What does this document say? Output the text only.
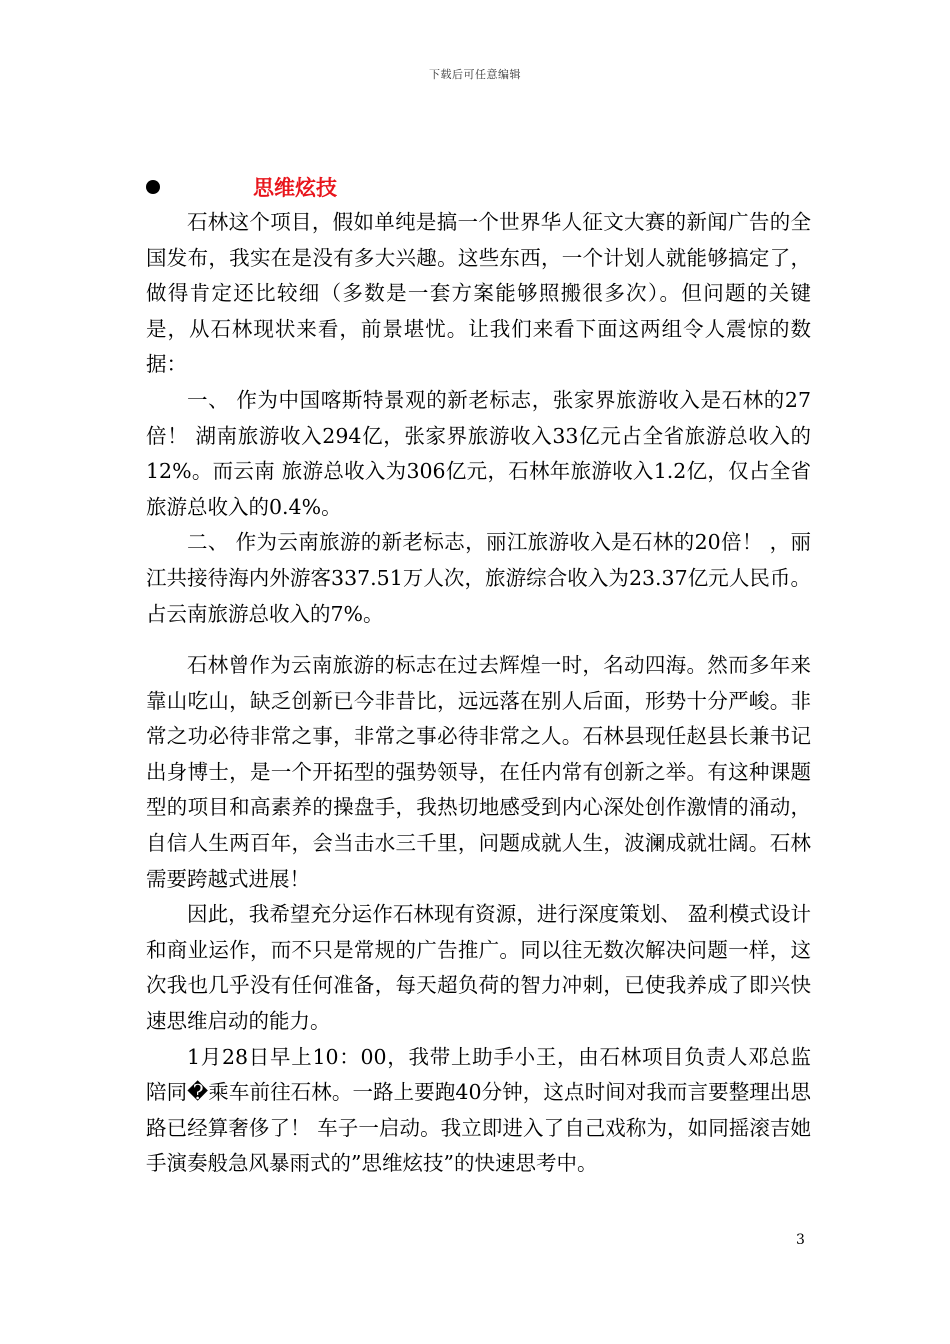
下载后可任意编辑
思维炫技

石林这个项目，假如单纯是搞一个世界华人征文大赛的新闻广告的全国发布，我实在是没有多大兴趣。这些东西，一个计划人就能够搞定了，做得肯定还比较细（多数是一套方案能够照搬很多次）。但问题的关键是，从石林现状来看，前景堪忧。让我们来看下面这两组令人震惊的数据：

一、 作为中国喀斯特景观的新老标志，张家界旅游收入是石林的27倍！ 湖南旅游收入294亿，张家界旅游收入33亿元占全省旅游总收入的12%。而云南 旅游总收入为306亿元，石林年旅游收入1.2亿，仅占全省旅游总收入的0.4%。

二、 作为云南旅游的新老标志，丽江旅游收入是石林的20倍！ ，丽江共接待海内外游客337.51万人次，旅游综合收入为23.37亿元人民币。占云南旅游总收入的7%。

石林曾作为云南旅游的标志在过去辉煌一时，名动四海。然而多年来靠山吃山，缺乏创新已今非昔比，远远落在别人后面，形势十分严峻。非常之功必待非常之事，非常之事必待非常之人。石林县现任赵县长兼书记出身博士，是一个开拓型的强势领导，在任内常有创新之举。有这种课题型的项目和高素养的操盘手，我热切地感受到内心深处创作激情的涌动，自信人生两百年，会当击水三千里，问题成就人生，波澜成就壮阔。石林需要跨越式进展！

因此，我希望充分运作石林现有资源，进行深度策划、 盈利模式设计和商业运作，而不只是常规的广告推广。同以往无数次解决问题一样，这次我也几乎没有任何准备，每天超负荷的智力冲刺，已使我养成了即兴快速思维启动的能力。

1月28日早上10：00，我带上助手小王，由石林项目负责人邓总监陪同�乘车前往石林。一路上要跑40分钟，这点时间对我而言要整理出思路已经算奢侈了！ 车子一启动。我立即进入了自己戏称为，如同摇滚吉她手演奏般急风暴雨式的”思维炫技”的快速思考中。

3
